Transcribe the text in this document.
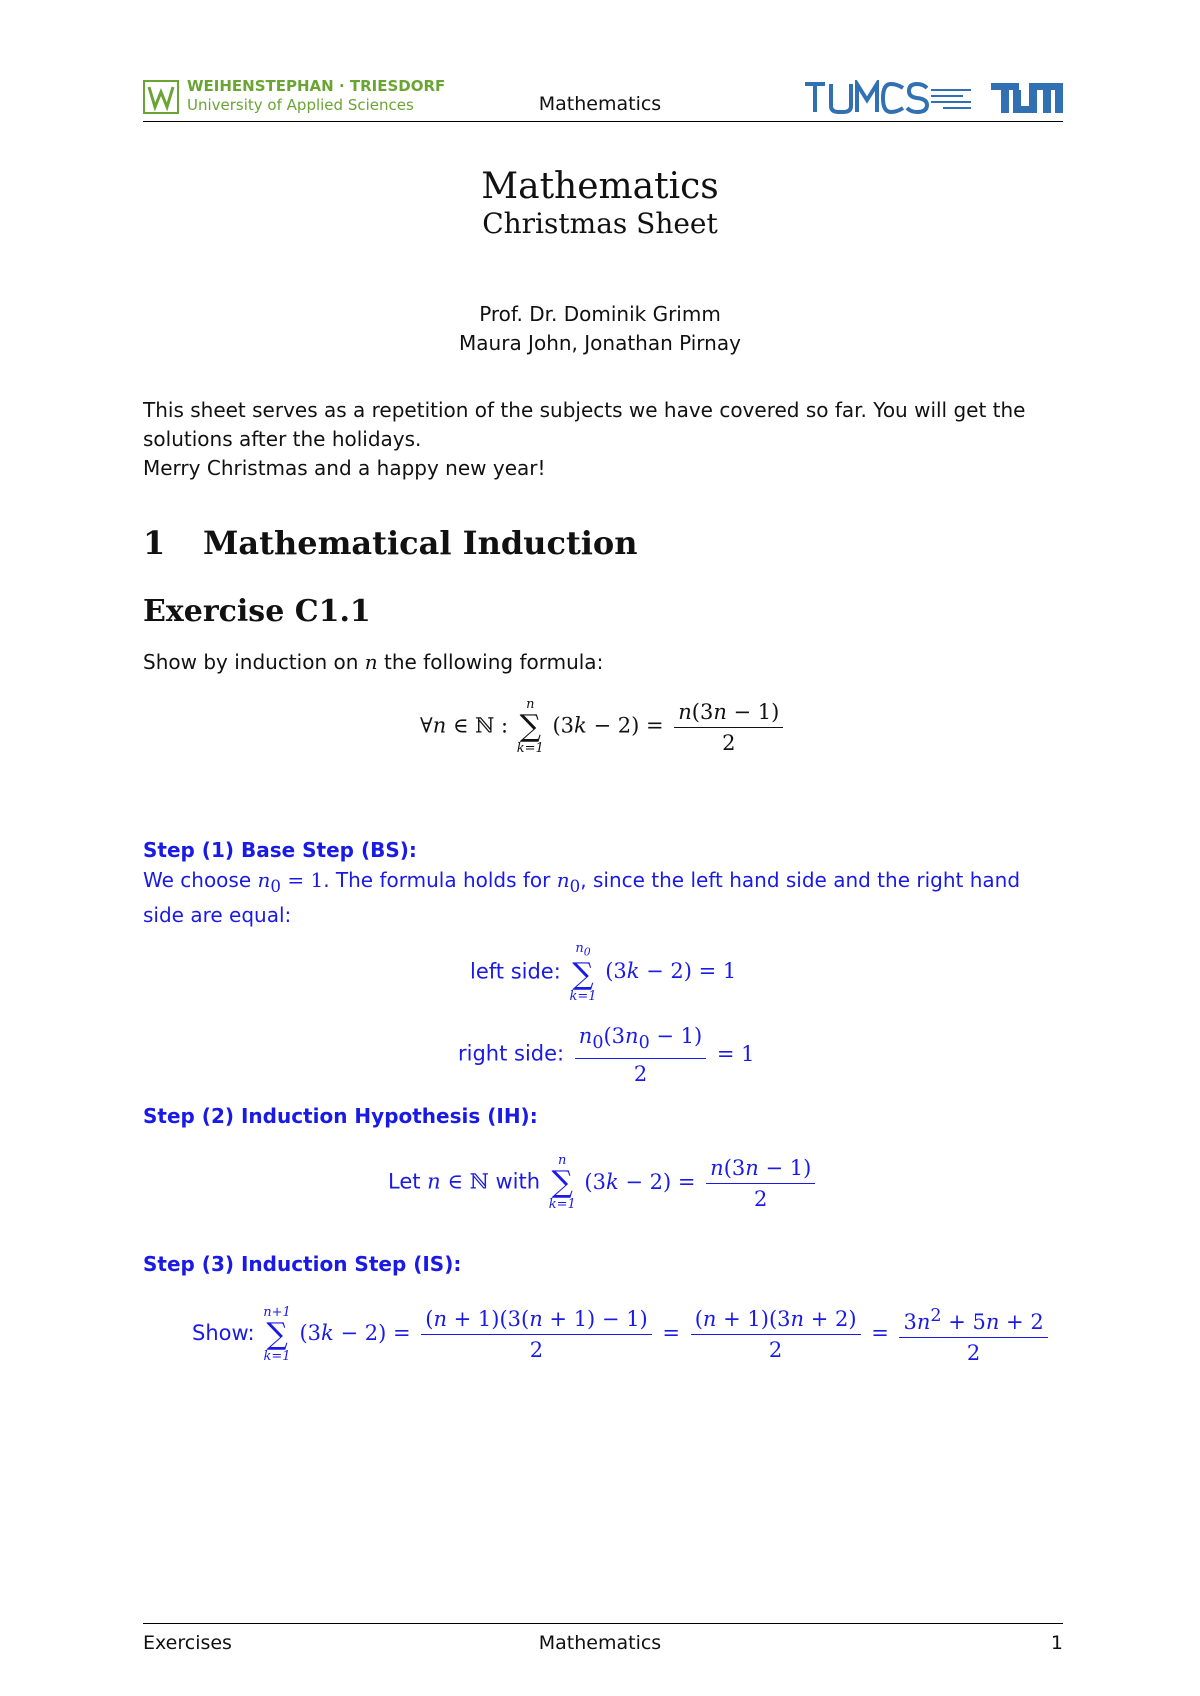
WEIHENSTEPHAN · TRIESDORF
University of Applied Sciences	Mathematics
Mathematics
Christmas Sheet
Prof. Dr. Dominik Grimm
Maura John, Jonathan Pirnay
This sheet serves as a repetition of the subjects we have covered so far. You will get the solutions after the holidays.
Merry Christmas and a happy new year!
1 Mathematical Induction
Exercise C1.1
Show by induction on n the following formula:
∀n ∈ ℕ :
n
∑
k=1
$(3k - 2) = \frac{n(3n - 1)}{2}$
Step (1) Base Step (BS):
We choose $n_0 = 1$. The formula holds for $n_0$, since the left hand side and the right hand side are equal:
left side:
$n_0$
∑
k=1
(3k − 2) = 1
right side: $\frac{n_0(3n_0 - 1)}{2} = 1$
Step (2) Induction Hypothesis (IH):
Let n ∈ ℕ with
n
∑
k=1
$(3k - 2) = \frac{n(3n - 1)}{2}$
Step (3) Induction Step (IS):
Show:
n+1
∑
k=1
$(3k - 2) = \frac{(n + 1)(3(n + 1) - 1)}{2} = \frac{(n + 1)(3n + 2)}{2} = \frac{3n^2 + 5n + 2}{2}$
Exercises	Mathematics	1
